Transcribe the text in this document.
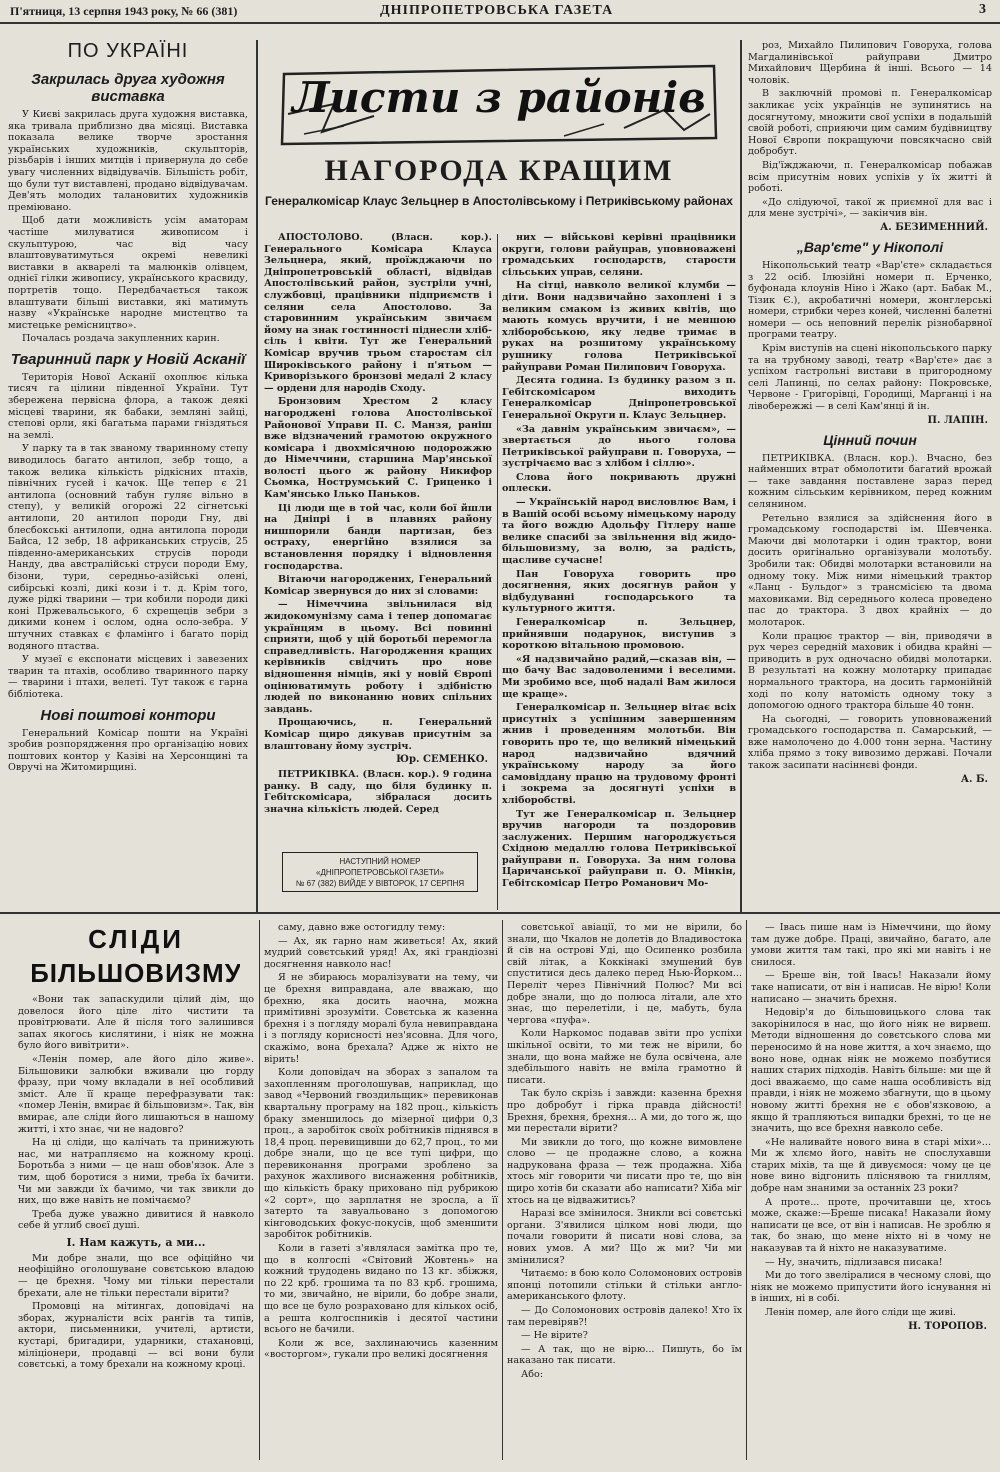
П'ятниця, 13 серпня 1943 року, № 66 (381)	ДНІПРОПЕТРОВСЬКА ГАЗЕТА	3
ПО УКРАЇНІ
Закрилась друга художня виставка

У Києві закрилась друга художня виставка, яка тривала приблизно два місяці. Виставка показала велике творче зростання українських художників, скульпторів, різьбарів і інших митців і привернула до себе увагу численних відвідувачів. Більшість робіт, що були тут виставлені, продано відвідувачам. Дев'ять молодих талановитих художників преміювано.

Щоб дати можливість усім аматорам частіше милуватися живописом і скульптурою, час від часу влаштовуватимуться окремі невеликі виставки в акварелі та малюнків олівцем, однієї гілки живопису, українського красвиду, портретів тощо. Передбачається також влаштувати більші виставки, які матимуть назву «Українське народне мистецтво та мистецьке ремісництво».

Почалась роздача закупленних карин.

Тваринний парк у Новій Асканії

Територія Нової Асканії охоплює кілька тисяч га цілини південної України. Тут збережена первісна флора, а також деякі місцеві тварини, як бабаки, земляні зайці, степові орли, які багатьма парами гніздяться на землі.

У парку та в так званому тваринному степу виводилось багато антилоп, зебр тощо, а також велика кількість рідкісних птахів, північних гусей і качок. Ще тепер є 21 антилопа (основний табун гуляє вільно в степу), у великій огорожі 22 сігнетські антилопи, 20 антилоп породи Гну, дві блесбокські антилопи, одна антилопа породи Байса, 12 зебр, 18 африканських струсів, 25 південно-американських струсів породи Нанду, два австралійські струси породи Ему, бізони, тури, середньо-азійські олені, сибірські козлі, дикі кози і т. д. Крім того, дуже рідкі тварини — три кобили породи дикі коні Пржевальського, 6 схрещеців зебри з дикими конем і ослом, одна осло-зебра. У штучних ставках є фламінго і багато порід водяного птаства.

У музеї є експонати місцевих і завезених тварин та птахів, особливо тваринного парку — тварини і птахи, велеті. Тут також є гарна бібліотека.

Нові поштові контори

Генеральний Комісар пошти на Україні зробив розпорядження про організацію нових поштових контор у Казіві на Херсонщині та Овручі на Житомирщині.

Листи з районів
НАГОРОДА КРАЩИМ
Генералкомісар Клаус Зельцнер в Апостолівському і Петриківському районах

АПОСТОЛОВО. (Власн. кор.). Генерального Комісара Клауса Зельцнера, який, проїжджаючи по Дніпропетровській області, відвідав Апостолівський район, зустріли учні, службовці, працівники підприємств і селяни села Апостолово. За старовинним українським звичаєм йому на знак гостинності піднесли хліб-сіль і квіти. Тут же Генеральний Комісар вручив трьом старостам сіл Широківського району і п'ятьом — Криворізького бронзові медалі 2 класу — ордени для народів Сходу.

Бронзовим Хрестом 2 класу нагороджені голова Апостолівської Районової Управи П. С. Манзя, раніш вже відзначений грамотою окружного комісара і двохмісячною подорожжю до Німеччини, старшина Мар'янської волості цього ж району Никифор Сьомка, Нострумський С. Гриценко і Кам'янсько Ілько Паньков.

Ці люди ще в той час, коли бої йшли на Дніпрі і в плавнях району нишпорили банди партизан, без остраху, енергійно взялися за встановлення порядку і відновлення господарства.

Вітаючи нагороджених, Генеральний Комісар звернувся до них зі словами:

— Німеччина звільнилася від жидокомунізму сама і тепер допомагає українцям в цьому. Всі повинні сприяти, щоб у цій боротьбі перемогла справедливість. Нагородження кращих керівників свідчить про нове відношення німців, які у новій Європі оцінюватимуть роботу і здібністю людей по виконанню нових спільних завдань.

Прощаючись, п. Генеральний Комісар щиро дякував присутнім за влаштовану йому зустріч.

Юр. СЕМЕНКО.

ПЕТРИКІВКА. (Власн. кор.). 9 година ранку. В саду, що біля будинку п. Гебітскомісара, зібралася досить значна кількість людей. Серед

НАСТУПНИЙ НОМЕР
«ДНІПРОПЕТРОВСЬКОЇ ГАЗЕТИ»
№ 67 (382) ВИЙДЕ У ВІВТОРОК, 17 СЕРПНЯ

них — військові керівні працівники округи, голови райуправ, уповноважені громадських господарств, старости сільських управ, селяни.

На сітці, навколо великої клумби — діти. Вони надзвичайно захоплені і з великим смаком із живих квітів, що мають комусь вручити, і не меншою хліборобською, яку ледве тримає в руках на розшитому українському рушнику голова Петриківської райуправи Роман Пилипович Говоруха.

Десята година. Із будинку разом з п. Гебітскомісаром виходить Генералкомісар Дніпропетровської Генеральної Округи п. Клаус Зельцнер.

«За давнім українським звичаєм», — звертається до нього голова Петриківської райуправи п. Говоруха, — зустрічаємо вас з хлібом і сіллю».

Слова його покривають дружні оплески.

— Українській народ висловлює Вам, і в Вашій особі всьому німецькому народу та його вождю Адольфу Гітлеру наше велике спасибі за звільнення від жидо-більшовизму, за волю, за радість, щасливе сучасне!

Пан Говоруха говорить про досягнення, яких досягнув район у відбудуванні господарського та культурного життя.

Генералкомісар п. Зельцнер, прийнявши подарунок, виступив з короткою вітальною промовою.

«Я надзвичайно радий,—сказав він, — що бачу Вас задоволеними і веселими. Ми зробимо все, щоб надалі Вам жилося ще краще».

Генералкомісар п. Зельцнер вітає всіх присутніх з успішним завершенням жнив і проведенням молотьби. Він говорить про те, що великий німецький народ надзвичайно вдячний українському народу за його самовіддану працю на трудовому фронті і зокрема за досягнуті успіхи в хліборобстві.

Тут же Генералкомісар п. Зельцнер вручив нагороди та поздоровив заслужених. Першим нагороджується Східною медаллю голова Петриківської райуправи п. Говоруха. За ним голова Царичанської райуправи п. О. Мінкін, Гебітскомісар Петро Романович Мо-

роз, Михайло Пилипович Говоруха, голова Магдалинівської райуправи Дмитро Михайлович Щербина й інші. Всього — 14 чоловік.

В заключній промові п. Генералкомісар закликає усіх українців не зупинятись на досягнутому, множити свої успіхи в подальшій своїй роботі, сприяючи цим самим будівництву Нової Європи покращуючи повсякчасно свій добробут.

Від'їжджаючи, п. Генералкомісар побажав всім присутнім нових успіхів у їх житті й роботі.

«До слідуючої, такої ж приємної для вас і для мене зустрічі», — закінчив він.

А. БЕЗИМЕННИЙ.
„Вар'єте" у Нікополі

Нікопольський театр «Вар'єте» складається з 22 осіб. Ілюзійні номери п. Ерченко, буфонада клоунів Ніно і Жако (арт. Бабак М., Тізик Є.), акробатичні номери, жонглерські номери, стрибки через коней, численні балетні номери — ось неповний перелік різнобарвної програми театру.

Крім виступів на сцені нікопольського парку та на трубному заводі, театр «Вар'єте» дає з успіхом гастрольні вистави в пригородному селі Лапинці, по селах району: Покровське, Червоне - Григорівці, Городищі, Марганці і на лівобережжі — в селі Кам'янці й ін.

П. ЛАПІН.
Цінний почин

ПЕТРИКІВКА. (Власн. кор.). Вчасно, без найменших втрат обмолотити багатий врожай — таке завдання поставлене зараз перед кожним сільським керівником, перед кожним селянином.

Ретельно взялися за здійснення його в громадському господарстві ім. Шевченка. Маючи дві молотарки і один трактор, вони досить оригінально організували молотьбу. Зробили так: Обидві молотарки встановили на одному току. Між ними німецький трактор «Ланц - Бульдог» з трансмісією та двома маховиками. Від середнього колеса проведено пас до трактора. З двох крайніх — до молотарок.

Коли працює трактор — він, приводячи в рух через середній маховик і обидва крайні — приводить в рух одночасно обидві молотарки. В результаті на кожну молотарку припадає нормального трактора, на досить гармонійній ході по колу натомість одному току з допомогою одного трактора більше 40 тонн.

На сьогодні, — говорить уповноважений громадського господарства п. Самарський, — вже намолочено до 4.000 тонн зерна. Частину хліба прямо з току вивозимо державі. Почали також засипати насіннєві фонди.

А. Б.
СЛІДИ
БІЛЬШОВИЗМУ

«Вони так запаскудили цілий дім, що довелося його ціле літо чистити та провітрювати. Але й після того залишився запах якогось кислятини, і ніяк не можна було його вивітрити».

«Ленін помер, але його діло живе». Більшовики залюбки вживали цю горду фразу, при чому вкладали в неї особливий зміст. Але її краще перефразувати так: «помер Ленін, вмирає й більшовизм». Так, він вмирає, але сліди його лишаються в нашому житті, і хто знає, чи не надовго?

На ці сліди, що калічать та принижують нас, ми натрапляємо на кожному кроці. Боротьба з ними — це наш обов'язок. Але з тим, щоб боротися з ними, треба їх бачити. Чи ми завжди їх бачимо, чи так звикли до них, що вже навіть не помічаємо?

Треба дуже уважно дивитися й навколо себе й углиб своєї душі.

І. Нам кажуть, а ми...

Ми добре знали, що все офіційно чи неофіційно оголошуване совєтською владою — це брехня. Чому ми тільки перестали брехати, але не тільки перестали вірити?

Промовці на мітингах, доповідачі на зборах, журналісти всіх рангів та типів, актори, письменники, учителі, артисти, кустарі, бригадири, ударники, стахановці, міліціонери, продавці — всі вони були совєтські, а тому брехали на кожному кроці.

саму, давно вже остогидлу тему:

— Ах, як гарно нам живеться! Ах, який мудрий совєтський уряд! Ах, які грандіозні досягнення навколо нас!

Я не збираюсь моралізувати на тему, чи це брехня виправдана, але вважаю, що брехню, яка досить наочна, можна примітивні зрозуміти. Совєтська ж казенна брехня і з погляду моралі була невиправдана і з погляду корисності нез'ясовна. Для чого, скажімо, вона брехала? Адже ж ніхто не вірить!

Коли доповідач на зборах з запалом та захопленням проголошував, наприклад, що завод «Червоний гвоздильщик» перевиконав квартальну програму на 182 проц., кількість браку зменшилось до мізерної цифри 0,3 проц., а заробіток своїх робітників піднявся в 18,4 проц. перевищивши до 62,7 проц., то ми добре знали, що це все тупі цифри, що перевиконання програми зроблено за рахунок жахливого виснаження робітників, що кількість браку приховано під рубрикою «2 сорт», що зарплатня не зросла, а її затерто та завуальовано з допомогою кінговодських фокус-покусів, щоб зменшити заробіток робітників.

Коли в газеті з'являлася замітка про те, що в колгоспі «Світовий Жовтень» на кожний трудодень видано по 13 кг. збіжжя, по 22 крб. грошима та по 83 крб. грошима, то ми, звичайно, не вірили, бо добре знали, що все це було розраховано для кількох осіб, а решта колгоспників і десятої частини всього не бачили.

Коли ж все, захлинаючись казенним «восторгом», гукали про великі досягнення

совєтської авіації, то ми не вірили, бо знали, що Чкалов не долетів до Владивостока й сів на острові Уді, що Осипенко розбила свій літак, а Коккінакі змушений був спуститися десь далеко перед Нью-Йорком... Переліт через Північний Полюс? Ми всі добре знали, що до полюса літали, але хто знає, що перелетіли, і це, мабуть, була чергова «пуфа».

Коли Наркомос подавав звіти про успіхи шкільної освіти, то ми теж не вірили, бо знали, що вона майже не була освічена, але здебільшого навіть не вміла грамотно й писати.

Так було скрізь і завжди: казенна брехня про добробут і гірка правда дійсності! Брехня, брехня, брехня... А ми, до того ж, що ми перестали вірити?

Ми звикли до того, що кожне вимовлене слово — це продажне слово, а кожна надрукована фраза — теж продажна. Хіба хтось міг говорити чи писати про те, що він щиро хотів би сказати або написати? Хіба міг хтось на це відважитись?

Наразі все змінилося. Зникли всі совєтські органи. З'явилися цілком нові люди, що почали говорити й писати нові слова, за нових умов. А ми? Що ж ми? Чи ми змінилися?

Читаємо: в бою коло Соломонових островів японці потопили стільки й стільки англо-американського флоту.

— До Соломонових островів далеко! Хто їх там перевіряв?!

— Не вірите?

— А так, що не вірю... Пишуть, бо їм наказано так писати.

Або:

— Івась пише нам із Німеччини, що йому там дуже добре. Праці, звичайно, багато, але умови життя там такі, про які ми навіть і не снилося.

— Бреше він, той Івась! Наказали йому таке написати, от він і написав. Не вірю! Коли написано — значить брехня.

Недовір'я до більшовицького слова так закорінилося в нас, що його ніяк не вирвеш. Методи відношення до совєтського слова ми переносимо й на нове життя, а хоч знаємо, що воно нове, однак ніяк не можемо позбутися наших старих підходів. Навіть більше: ми ще й досі вважаємо, що саме наша особливість від правди, і ніяк не можемо збагнути, що в цьому новому житті брехня не є обов'язковою, а якщо й трапляються випадки брехні, то це не значить, що все брехня навколо себе.

«Не наливайте нового вина в старі міхи»... Ми ж хлємо його, навіть не спослухавши старих міхів, та ще й дивуємося: чому це це нове вино відгонить пліснявою та гниллям, добре нам знаними за останніх 23 роки?

А проте... проте, прочитавши це, хтось може, скаже:—Бреше писака! Наказали йому написати це все, от він і написав. Не зроблю я так, бо знаю, що мене ніхто ні в чому не наказував та й ніхто не наказуватиме.

— Ну, значить, підлизався писака!

Ми до того звеліралися в чесному слові, що ніяк не можемо припустити його існування ні в інших, ні в собі.

Ленін помер, але його сліди ще живі.

Н. ТОРОПОВ.
